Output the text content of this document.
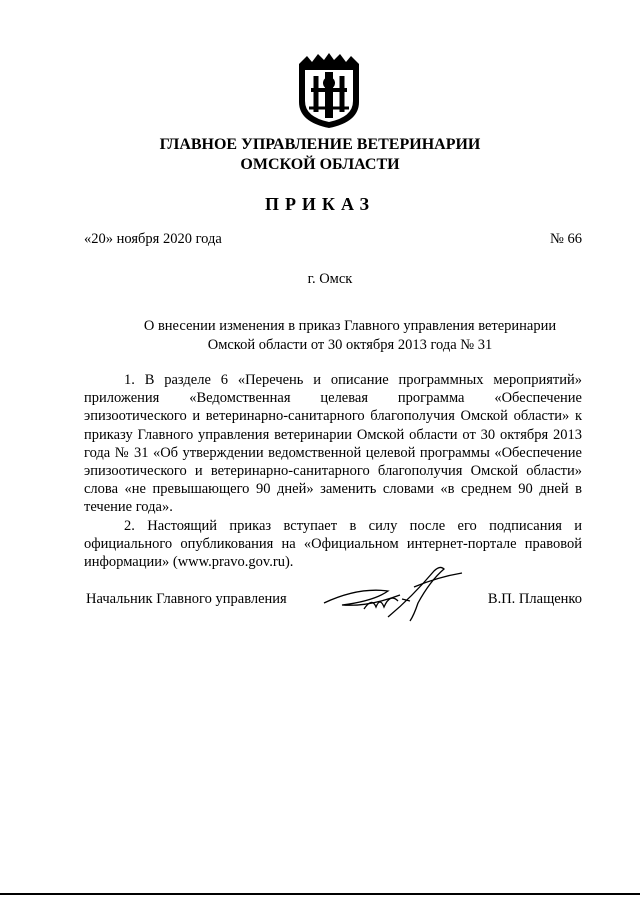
ГЛАВНОЕ УПРАВЛЕНИЕ ВЕТЕРИНАРИИ
ОМСКОЙ ОБЛАСТИ
ПРИКАЗ
«20» ноября 2020 года	№ 66
г. Омск
О внесении изменения в приказ Главного управления ветеринарии
Омской области от 30 октября 2013 года № 31

1. В разделе 6 «Перечень и описание программных мероприятий» приложения «Ведомственная целевая программа «Обеспечение эпизоотического и ветеринарно-санитарного благополучия Омской области» к приказу Главного управления ветеринарии Омской области от 30 октября 2013 года № 31 «Об утверждении ведомственной целевой программы «Обеспечение эпизоотического и ветеринарно-санитарного благополучия Омской области» слова «не превышающего 90 дней» заменить словами «в среднем 90 дней в течение года».

2. Настоящий приказ вступает в силу после его подписания и официального опубликования на «Официальном интернет-портале правовой информации» (www.pravo.gov.ru).

Начальник Главного управления	В.П. Плащенко
